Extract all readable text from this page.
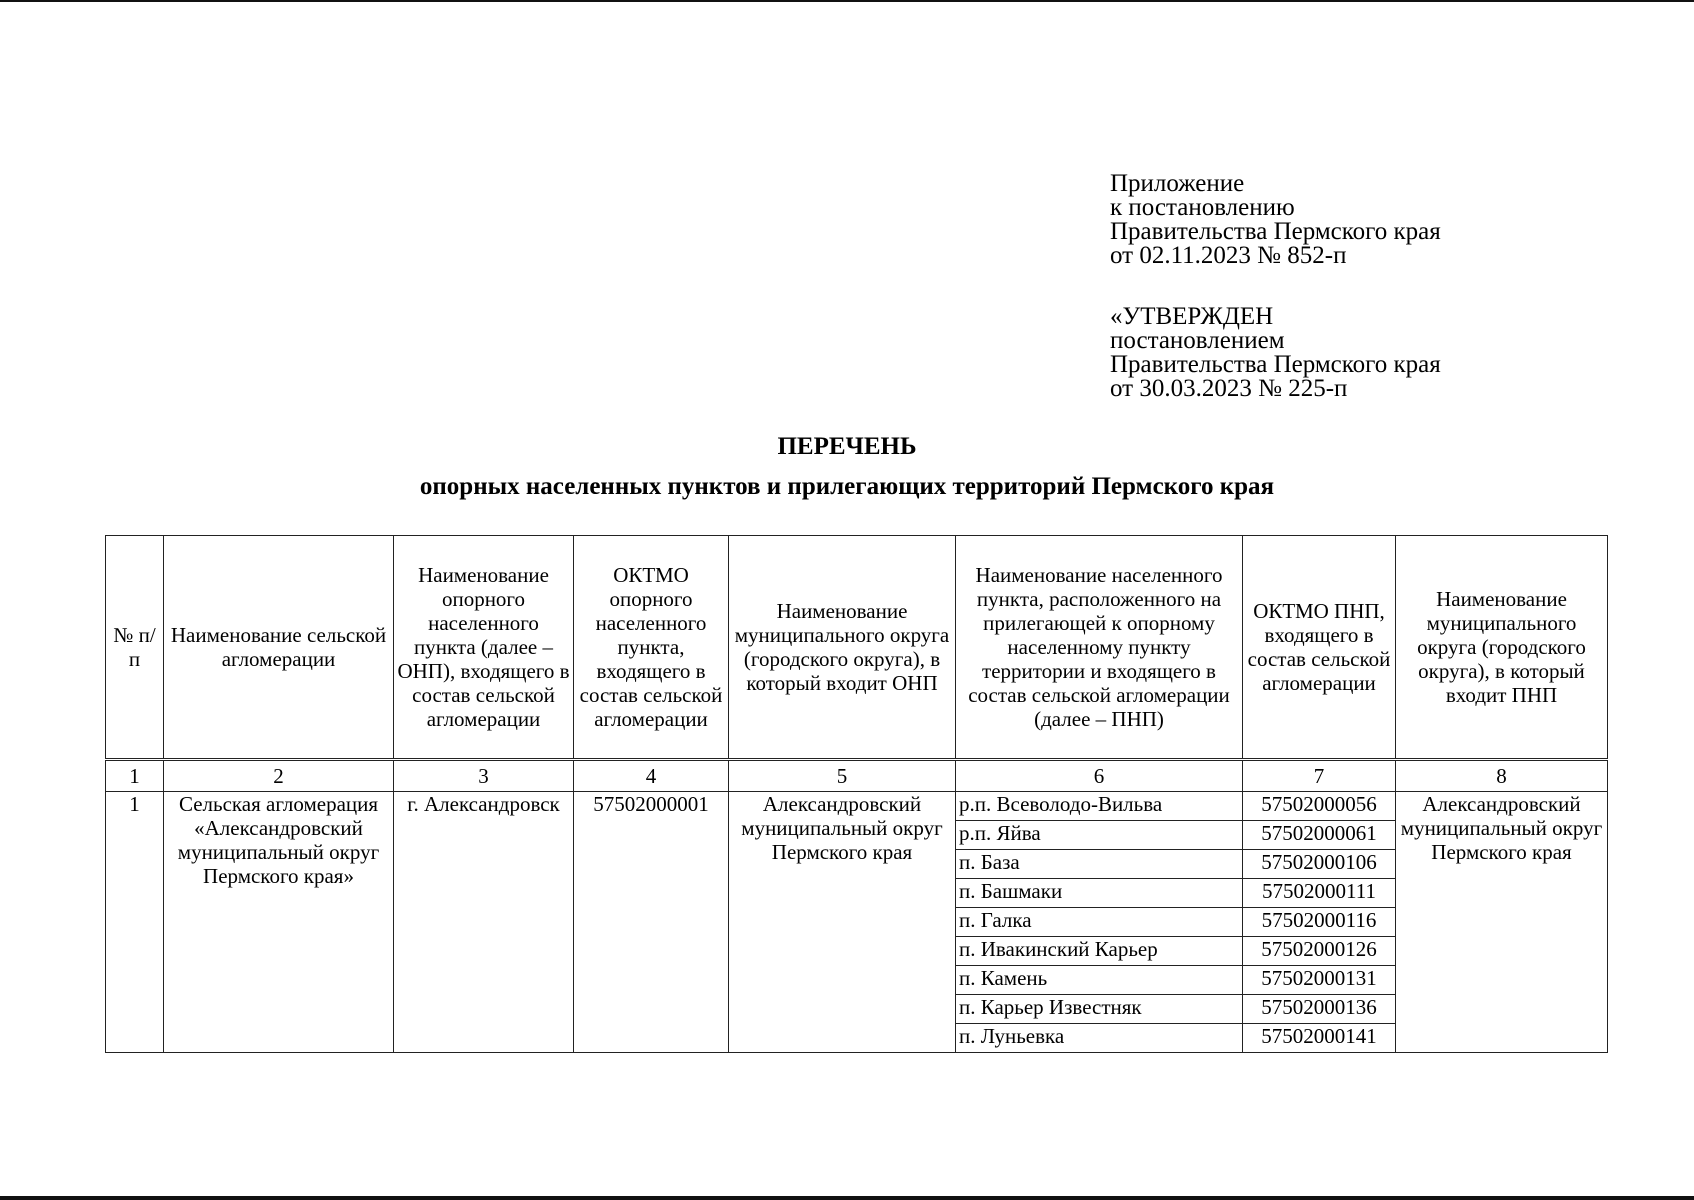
Приложение
к постановлению
Правительства Пермского края
от 02.11.2023 № 852-п
«УТВЕРЖДЕН
постановлением
Правительства Пермского края
от 30.03.2023 № 225-п
ПЕРЕЧЕНЬ
опорных населенных пунктов и прилегающих территорий Пермского края
№ п/п	Наименование сельской агломерации	Наименование опорного населенного пункта (далее – ОНП), входящего в состав сельской агломерации	ОКТМО опорного населенного пункта, входящего в состав сельской агломерации	Наименование муниципального округа (городского округа), в который входит ОНП	Наименование населенного пункта, расположенного на прилегающей к опорному населенному пункту территории и входящего в состав сельской агломерации (далее – ПНП)	ОКТМО ПНП, входящего в состав сельской агломерации	Наименование муниципального округа (городского округа), в который входит ПНП
1	2	3	4	5	6	7	8
1	Сельская агломерация «Александровский муниципальный округ Пермского края»	г. Александровск	57502000001	Александровский муниципальный округ Пермского края	р.п. Всеволодо-Вильва	57502000056	Александровский муниципальный округ Пермского края
					р.п. Яйва	57502000061	
					п. База	57502000106	
					п. Башмаки	57502000111	
					п. Галка	57502000116	
					п. Ивакинский Карьер	57502000126	
					п. Камень	57502000131	
					п. Карьер Известняк	57502000136	
					п. Луньевка	57502000141	
